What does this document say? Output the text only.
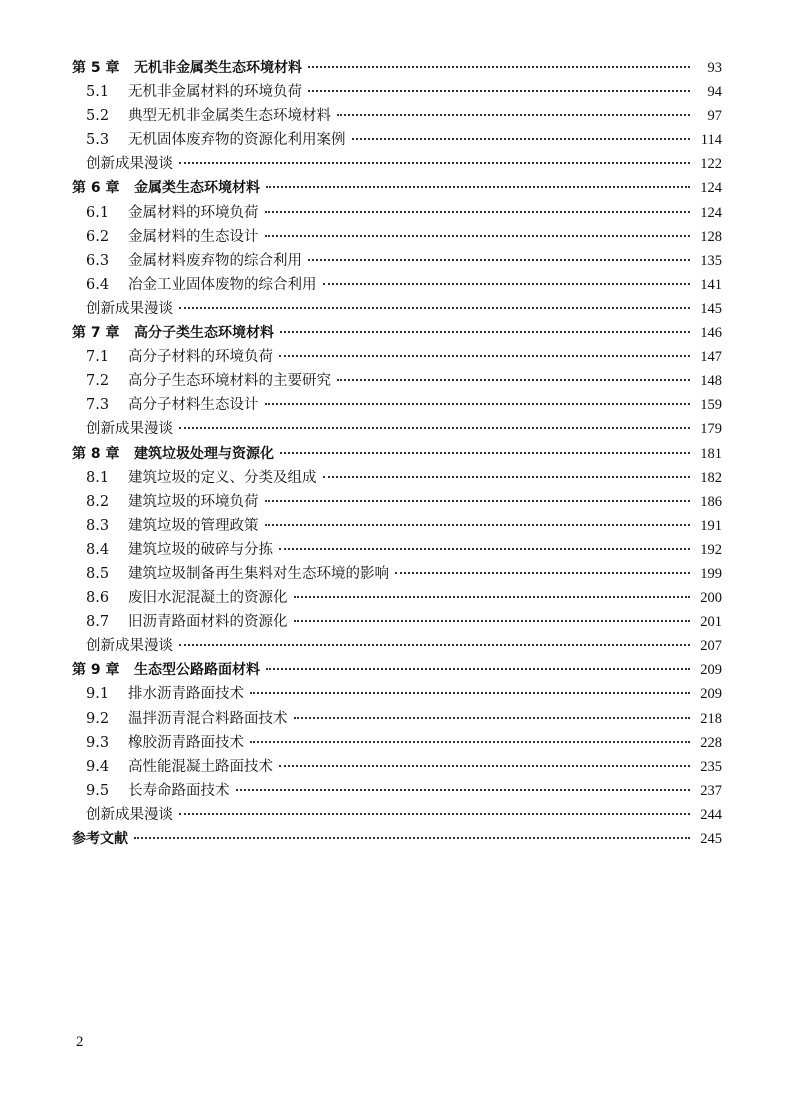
第 5 章	无机非金属类生态环境材料	93
5.1	无机非金属材料的环境负荷	94
5.2	典型无机非金属类生态环境材料	97
5.3	无机固体废弃物的资源化利用案例	114
创新成果漫谈	122
第 6 章	金属类生态环境材料	124
6.1	金属材料的环境负荷	124
6.2	金属材料的生态设计	128
6.3	金属材料废弃物的综合利用	135
6.4	冶金工业固体废物的综合利用	141
创新成果漫谈	145
第 7 章	高分子类生态环境材料	146
7.1	高分子材料的环境负荷	147
7.2	高分子生态环境材料的主要研究	148
7.3	高分子材料生态设计	159
创新成果漫谈	179
第 8 章	建筑垃圾处理与资源化	181
8.1	建筑垃圾的定义、分类及组成	182
8.2	建筑垃圾的环境负荷	186
8.3	建筑垃圾的管理政策	191
8.4	建筑垃圾的破碎与分拣	192
8.5	建筑垃圾制备再生集料对生态环境的影响	199
8.6	废旧水泥混凝土的资源化	200
8.7	旧沥青路面材料的资源化	201
创新成果漫谈	207
第 9 章	生态型公路路面材料	209
9.1	排水沥青路面技术	209
9.2	温拌沥青混合料路面技术	218
9.3	橡胶沥青路面技术	228
9.4	高性能混凝土路面技术	235
9.5	长寿命路面技术	237
创新成果漫谈	244
参考文献	245
2
